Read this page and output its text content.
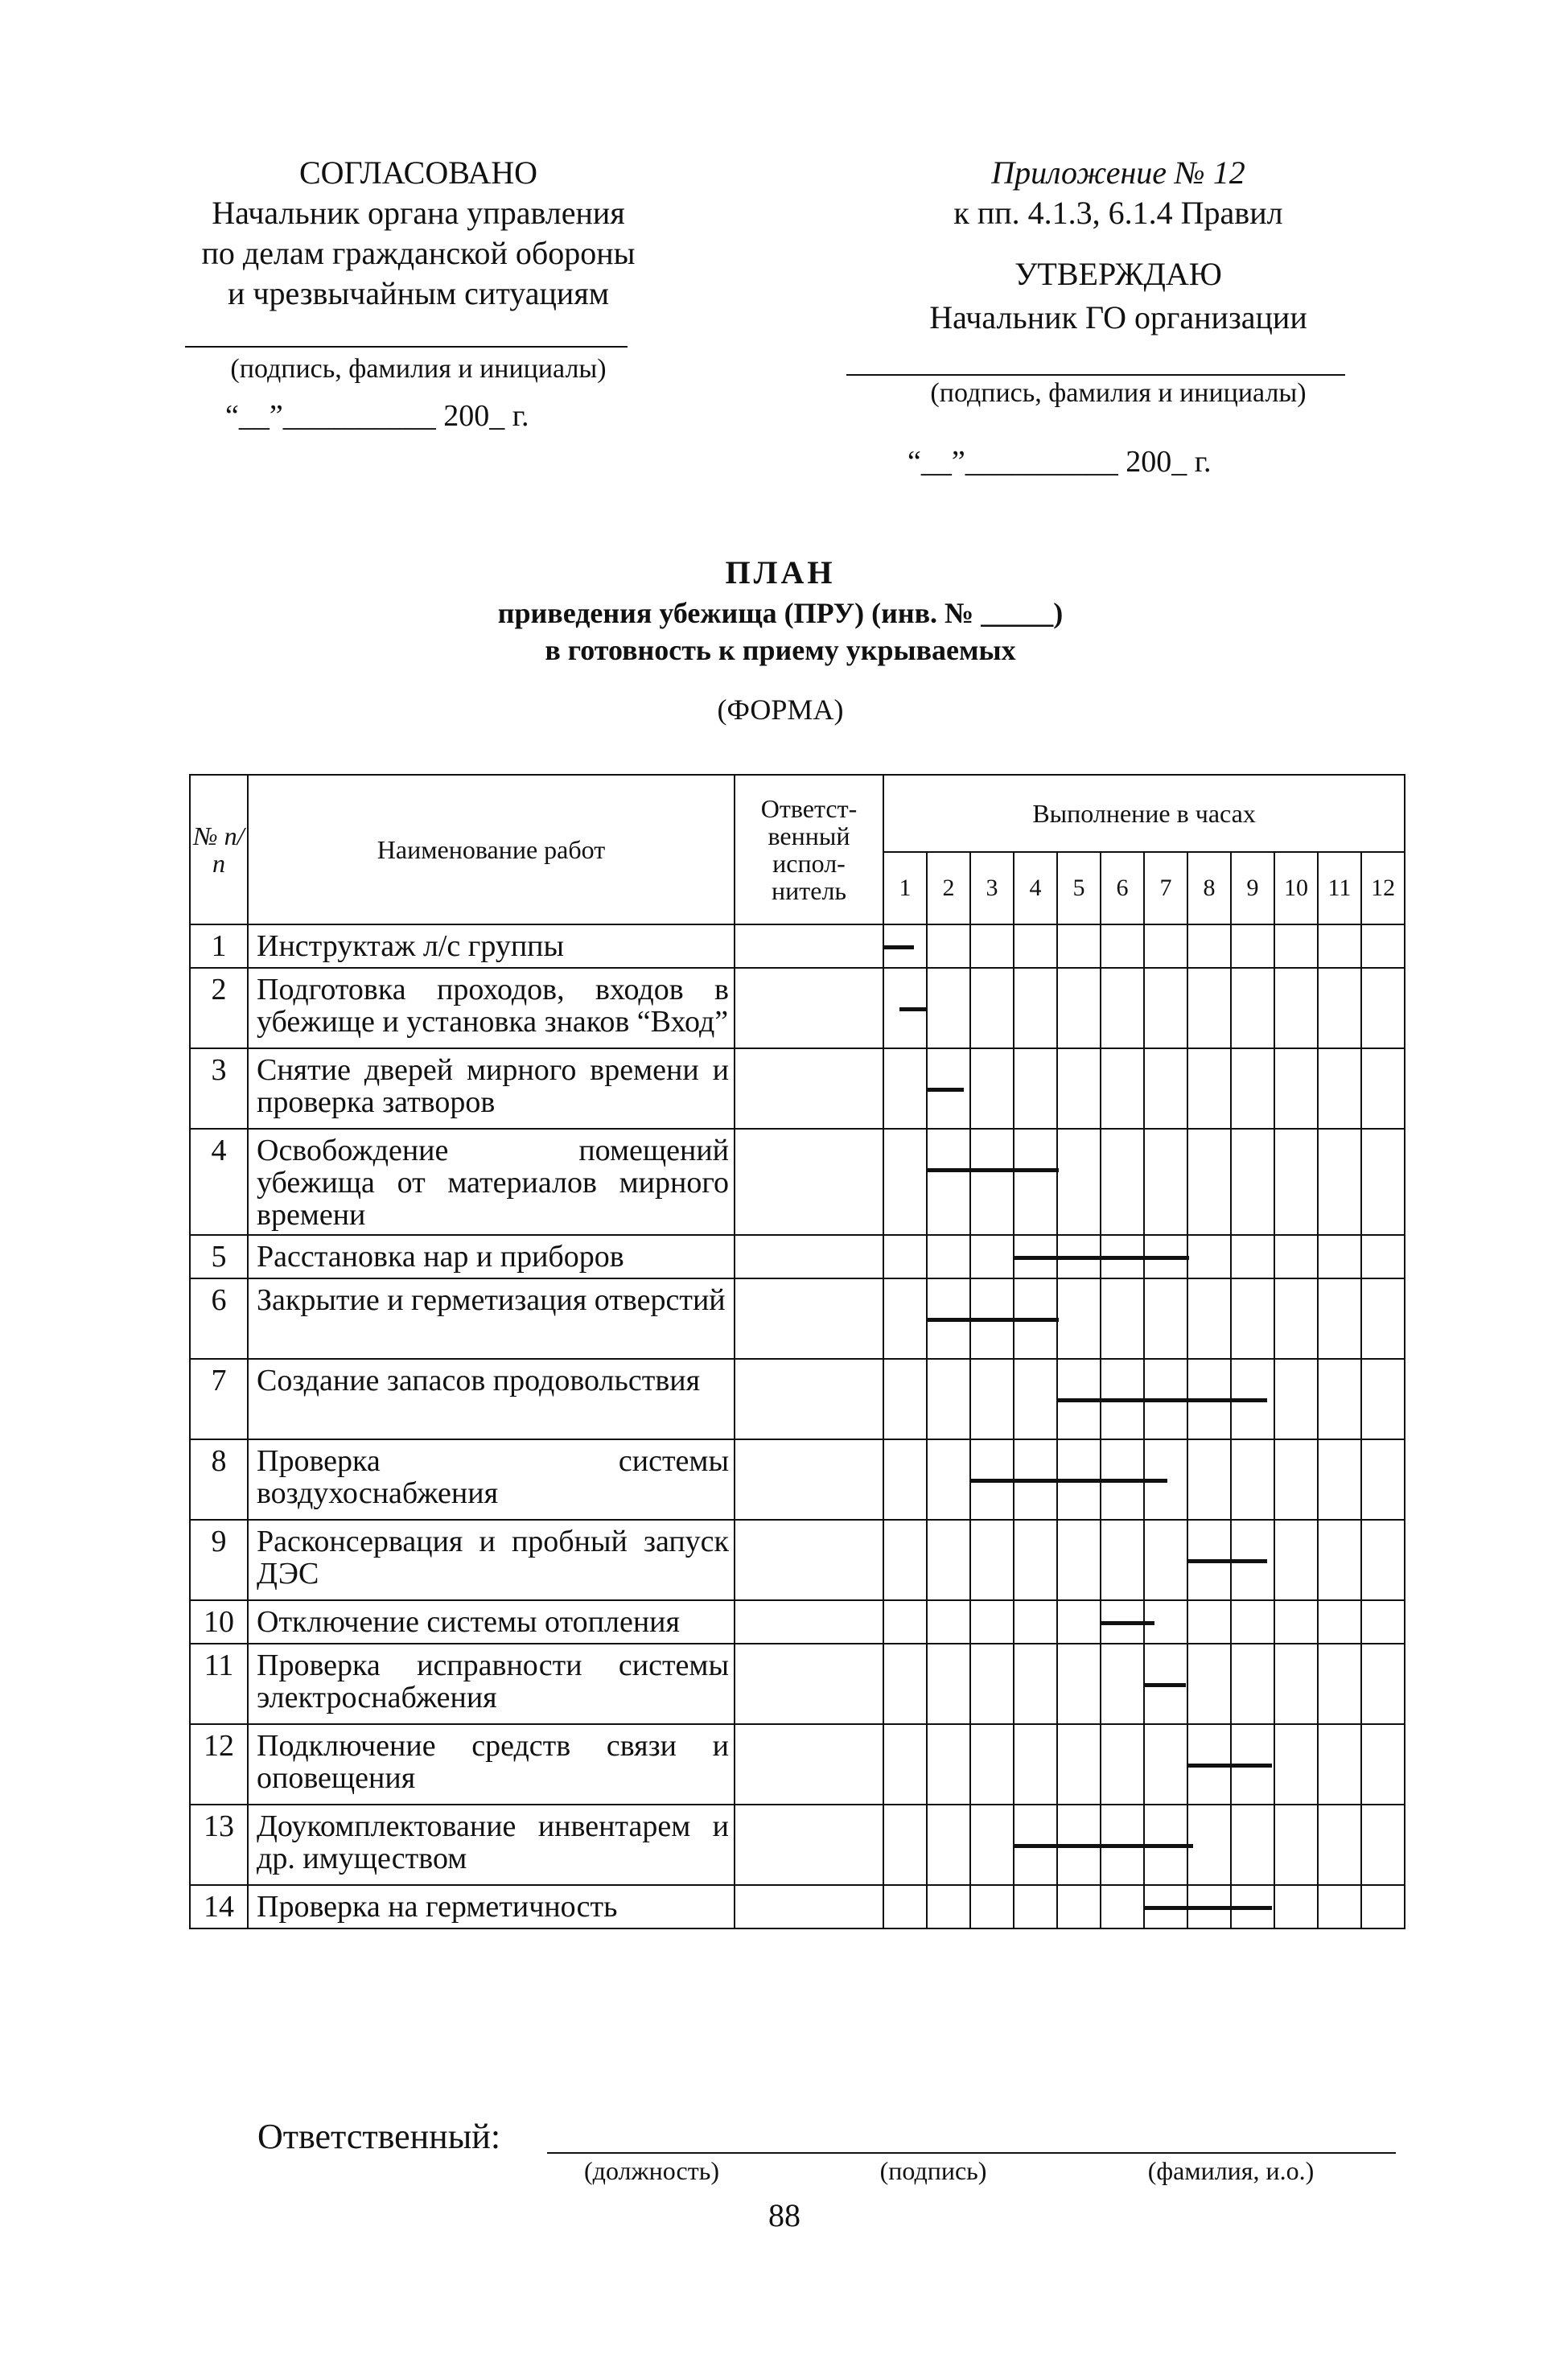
СОГЛАСОВАНО
Начальник органа управления
по делам гражданской обороны
и чрезвычайным ситуациям
(подпись, фамилия и инициалы)
“__”__________ 200_ г.
Приложение № 12
к пп. 4.1.3, 6.1.4 Правил
УТВЕРЖДАЮ
Начальник ГО организации
(подпись, фамилия и инициалы)
“__”__________ 200_ г.
ПЛАН
приведения убежища (ПРУ) (инв. № _____)
в готовность к приему укрываемых
(ФОРМА)
№ п/п	Наименование работ	Ответст-венный испол-нитель	Выполнение в часах											
			1	2	3	4	5	6	7	8	9	10	11	12
1	Инструктаж л/с группы		

2	Подготовка проходов, входов в убежище и установка знаков “Вход”		

3	Снятие дверей мирного времени и проверка затворов			

4	Освобождение помещений убежища от материалов мирного времени			

5	Расстановка нар и приборов					

6	Закрытие и герметизация отверстий			

7	Создание запасов продовольствия						

8	Проверка системы воздухоснабжения				

9	Расконсервация и пробный запуск ДЭС									

10	Отключение системы отопления							

11	Проверка исправности системы электроснабжения								

12	Подключение средств связи и оповещения									

13	Доукомплектование инвентарем и др. имуществом					

14	Проверка на герметичность								

Ответственный:
(должность)	(подпись)	(фамилия, и.о.)
88
